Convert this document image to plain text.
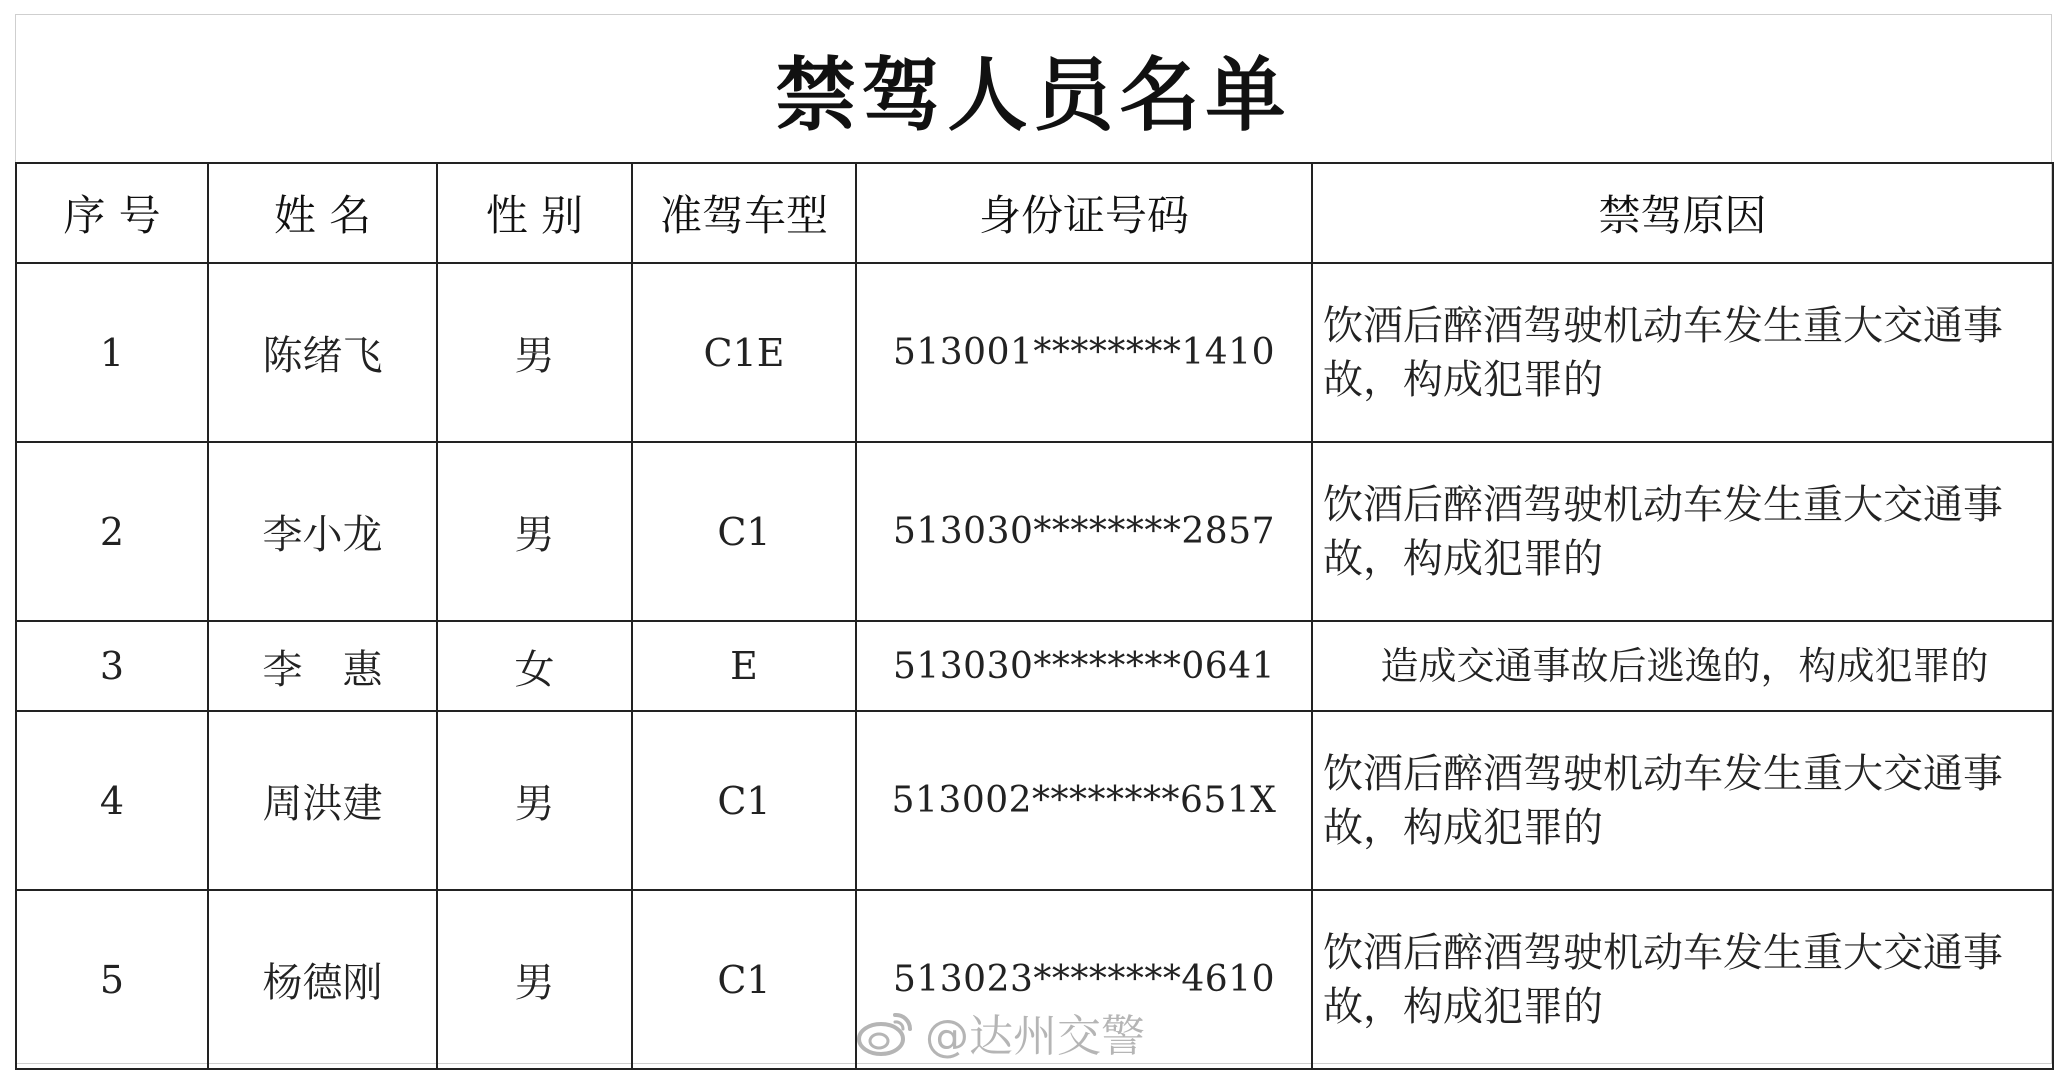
禁驾人员名单
序 号	姓 名	性 别	准驾车型	身份证号码	禁驾原因
1	陈绪飞	男	C1E	513001********1410	饮酒后醉酒驾驶机动车发生重大交通事故，构成犯罪的
2	李小龙	男	C1	513030********2857	饮酒后醉酒驾驶机动车发生重大交通事故，构成犯罪的
3	李　惠	女	E	513030********0641	造成交通事故后逃逸的，构成犯罪的
4	周洪建	男	C1	513002********651X	饮酒后醉酒驾驶机动车发生重大交通事故，构成犯罪的
5	杨德刚	男	C1	513023********4610	饮酒后醉酒驾驶机动车发生重大交通事故，构成犯罪的
@达州交警
